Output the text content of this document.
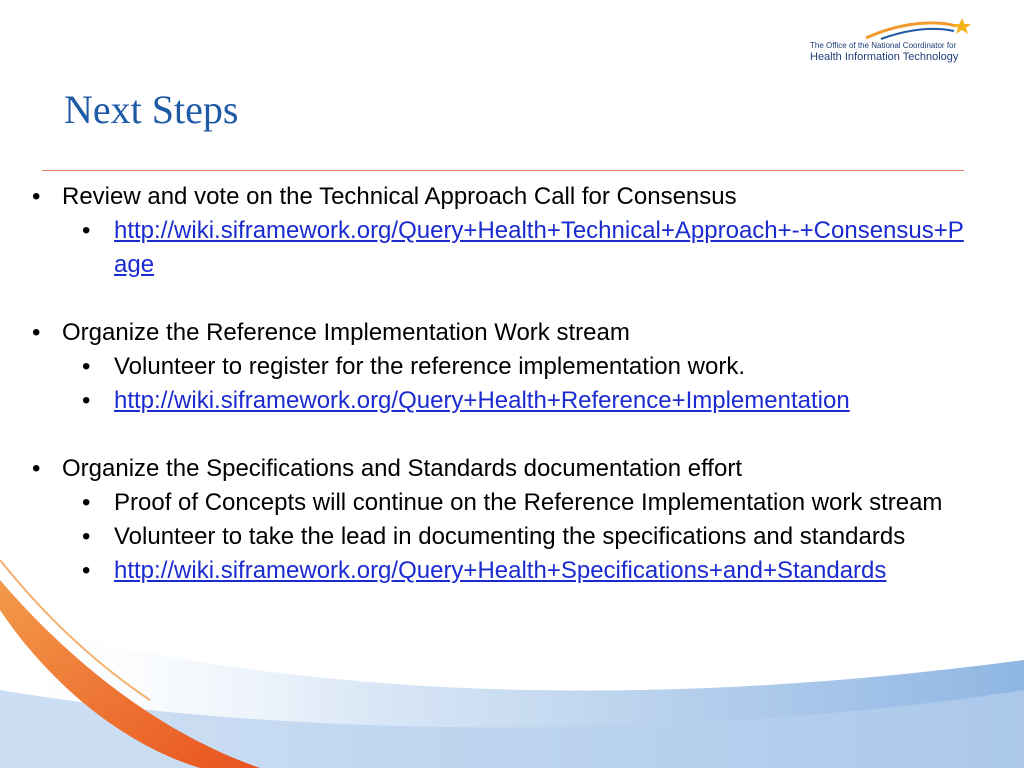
The Office of the National Coordinator for
Health Information Technology
Next Steps
• Review and vote on the Technical Approach Call for Consensus
• http://wiki.siframework.org/Query+Health+Technical+Approach+-+Consensus+Page
• Organize the Reference Implementation Work stream
• Volunteer to register for the reference implementation work.
• http://wiki.siframework.org/Query+Health+Reference+Implementation
• Organize the Specifications and Standards documentation effort
• Proof of Concepts will continue on the Reference Implementation work stream
• Volunteer to take the lead in documenting the specifications and standards
• http://wiki.siframework.org/Query+Health+Specifications+and+Standards
